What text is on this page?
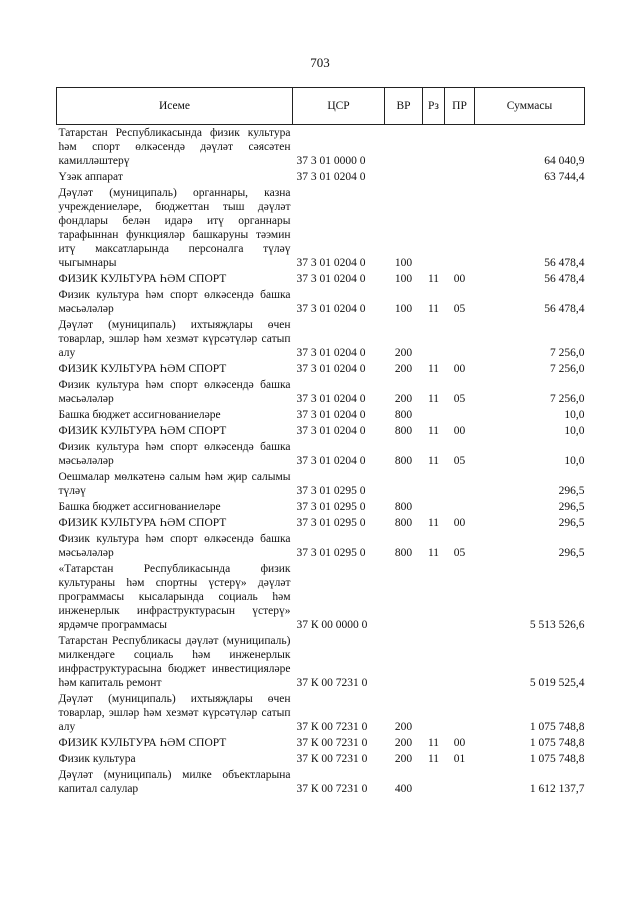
703
Исеме	ЦСР	ВР	Рз	ПР	Суммасы
Татарстан Республикасында физик культура һәм спорт өлкәсендә дәүләт сәясәтен камилләштерү	37 3 01 0000 0				64 040,9
Үзәк аппарат	37 3 01 0204 0				63 744,4
Дәүләт (муниципаль) органнары, казна учреждениеләре, бюджеттан тыш дәүләт фондлары белән идарә итү органнары тарафыннан функцияләр башкаруны тәэмин итү максатларында персоналга түләү чыгымнары	37 3 01 0204 0	100			56 478,4
ФИЗИК КУЛЬТУРА ҺӘМ СПОРТ	37 3 01 0204 0	100	11	00	56 478,4
Физик культура һәм спорт өлкәсендә башка мәсьәләләр	37 3 01 0204 0	100	11	05	56 478,4
Дәүләт (муниципаль) ихтыяҗлары өчен товарлар, эшләр һәм хезмәт күрсәтүләр сатып алу	37 3 01 0204 0	200			7 256,0
ФИЗИК КУЛЬТУРА ҺӘМ СПОРТ	37 3 01 0204 0	200	11	00	7 256,0
Физик культура һәм спорт өлкәсендә башка мәсьәләләр	37 3 01 0204 0	200	11	05	7 256,0
Башка бюджет ассигнованиеләре	37 3 01 0204 0	800			10,0
ФИЗИК КУЛЬТУРА ҺӘМ СПОРТ	37 3 01 0204 0	800	11	00	10,0
Физик культура һәм спорт өлкәсендә башка мәсьәләләр	37 3 01 0204 0	800	11	05	10,0
Оешмалар мөлкәтенә салым һәм җир салымы түләү	37 3 01 0295 0				296,5
Башка бюджет ассигнованиеләре	37 3 01 0295 0	800			296,5
ФИЗИК КУЛЬТУРА ҺӘМ СПОРТ	37 3 01 0295 0	800	11	00	296,5
Физик культура һәм спорт өлкәсендә башка мәсьәләләр	37 3 01 0295 0	800	11	05	296,5
«Татарстан Республикасында физик культураны һәм спортны үстерү» дәүләт программасы кысаларында социаль һәм инженерлык инфраструктурасын үстерү» ярдәмче программасы	37 К 00 0000 0				5 513 526,6
Татарстан Республикасы дәүләт (муниципаль) милкендәге социаль һәм инженерлык инфраструктурасына бюджет инвестицияләре һәм капиталь ремонт	37 К 00 7231 0				5 019 525,4
Дәүләт (муниципаль) ихтыяҗлары өчен товарлар, эшләр һәм хезмәт күрсәтүләр сатып алу	37 К 00 7231 0	200			1 075 748,8
ФИЗИК КУЛЬТУРА ҺӘМ СПОРТ	37 К 00 7231 0	200	11	00	1 075 748,8
Физик культура	37 К 00 7231 0	200	11	01	1 075 748,8
Дәүләт (муниципаль) милке объектларына капитал салулар	37 К 00 7231 0	400			1 612 137,7
